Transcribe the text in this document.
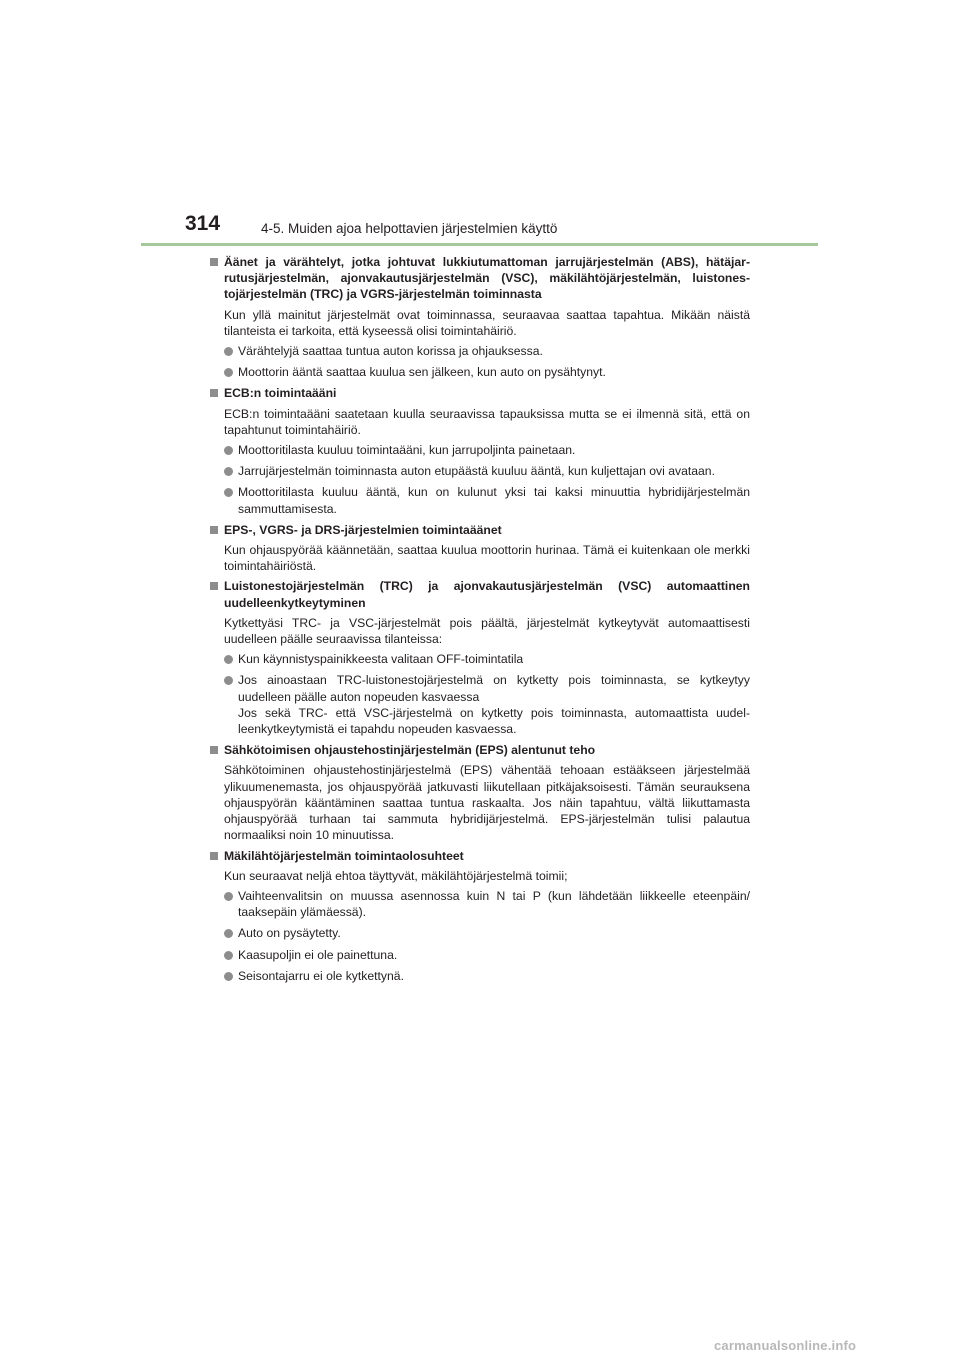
314	4-5. Muiden ajoa helpottavien järjestelmien käyttö
Äänet ja värähtelyt, jotka johtuvat lukkiutumattoman jarrujärjestelmän (ABS), hätäjarrutusjärjestelmän, ajonvakautusjärjestelmän (VSC), mäkilähtöjärjestelmän, luistonestojärjestelmän (TRC) ja VGRS-järjestelmän toiminnasta
Kun yllä mainitut järjestelmät ovat toiminnassa, seuraavaa saattaa tapahtua. Mikään näistä tilanteista ei tarkoita, että kyseessä olisi toimintahäiriö.
Värähtelyjä saattaa tuntua auton korissa ja ohjauksessa.
Moottorin ääntä saattaa kuulua sen jälkeen, kun auto on pysähtynyt.
ECB:n toimintaääni
ECB:n toimintaääni saatetaan kuulla seuraavissa tapauksissa mutta se ei ilmennä sitä, että on tapahtunut toimintahäiriö.
Moottoritilasta kuuluu toimintaääni, kun jarrupoljinta painetaan.
Jarrujärjestelmän toiminnasta auton etupäästä kuuluu ääntä, kun kuljettajan ovi avataan.
Moottoritilasta kuuluu ääntä, kun on kulunut yksi tai kaksi minuuttia hybridijärjestelmän sammuttamisesta.
EPS-, VGRS- ja DRS-järjestelmien toimintaäänet
Kun ohjauspyörää käännetään, saattaa kuulua moottorin hurinaa. Tämä ei kuitenkaan ole merkki toimintahäiriöstä.
Luistonestojärjestelmän (TRC) ja ajonvakautusjärjestelmän (VSC) automaattinen uudelleenkytkeytyminen
Kytkettyäsi TRC- ja VSC-järjestelmät pois päältä, järjestelmät kytkeytyvät automaattisesti uudelleen päälle seuraavissa tilanteissa:
Kun käynnistyspainikkeesta valitaan OFF-toimintatila
Jos ainoastaan TRC-luistonestojärjestelmä on kytketty pois toiminnasta, se kytkeytyy uudelleen päälle auton nopeuden kasvaessa
Jos sekä TRC- että VSC-järjestelmä on kytketty pois toiminnasta, automaattista uudelleenkytkeytymistä ei tapahdu nopeuden kasvaessa.
Sähkötoimisen ohjaustehostinjärjestelmän (EPS) alentunut teho
Sähkötoiminen ohjaustehostinjärjestelmä (EPS) vähentää tehoaan estääkseen järjestelmää ylikuumenemasta, jos ohjauspyörää jatkuvasti liikutellaan pitkäjaksoisesti. Tämän seurauksena ohjauspyörän kääntäminen saattaa tuntua raskaalta. Jos näin tapahtuu, vältä liikuttamasta ohjauspyörää turhaan tai sammuta hybridijärjestelmä. EPS-järjestelmän tulisi palautua normaaliksi noin 10 minuutissa.
Mäkilähtöjärjestelmän toimintaolosuhteet
Kun seuraavat neljä ehtoa täyttyvät, mäkilähtöjärjestelmä toimii;
Vaihteenvalitsin on muussa asennossa kuin N tai P (kun lähdetään liikkeelle eteenpäin/ taaksepäin ylämäessä).
Auto on pysäytetty.
Kaasupoljin ei ole painettuna.
Seisontajarru ei ole kytkettynä.
carmanualsonline.info
